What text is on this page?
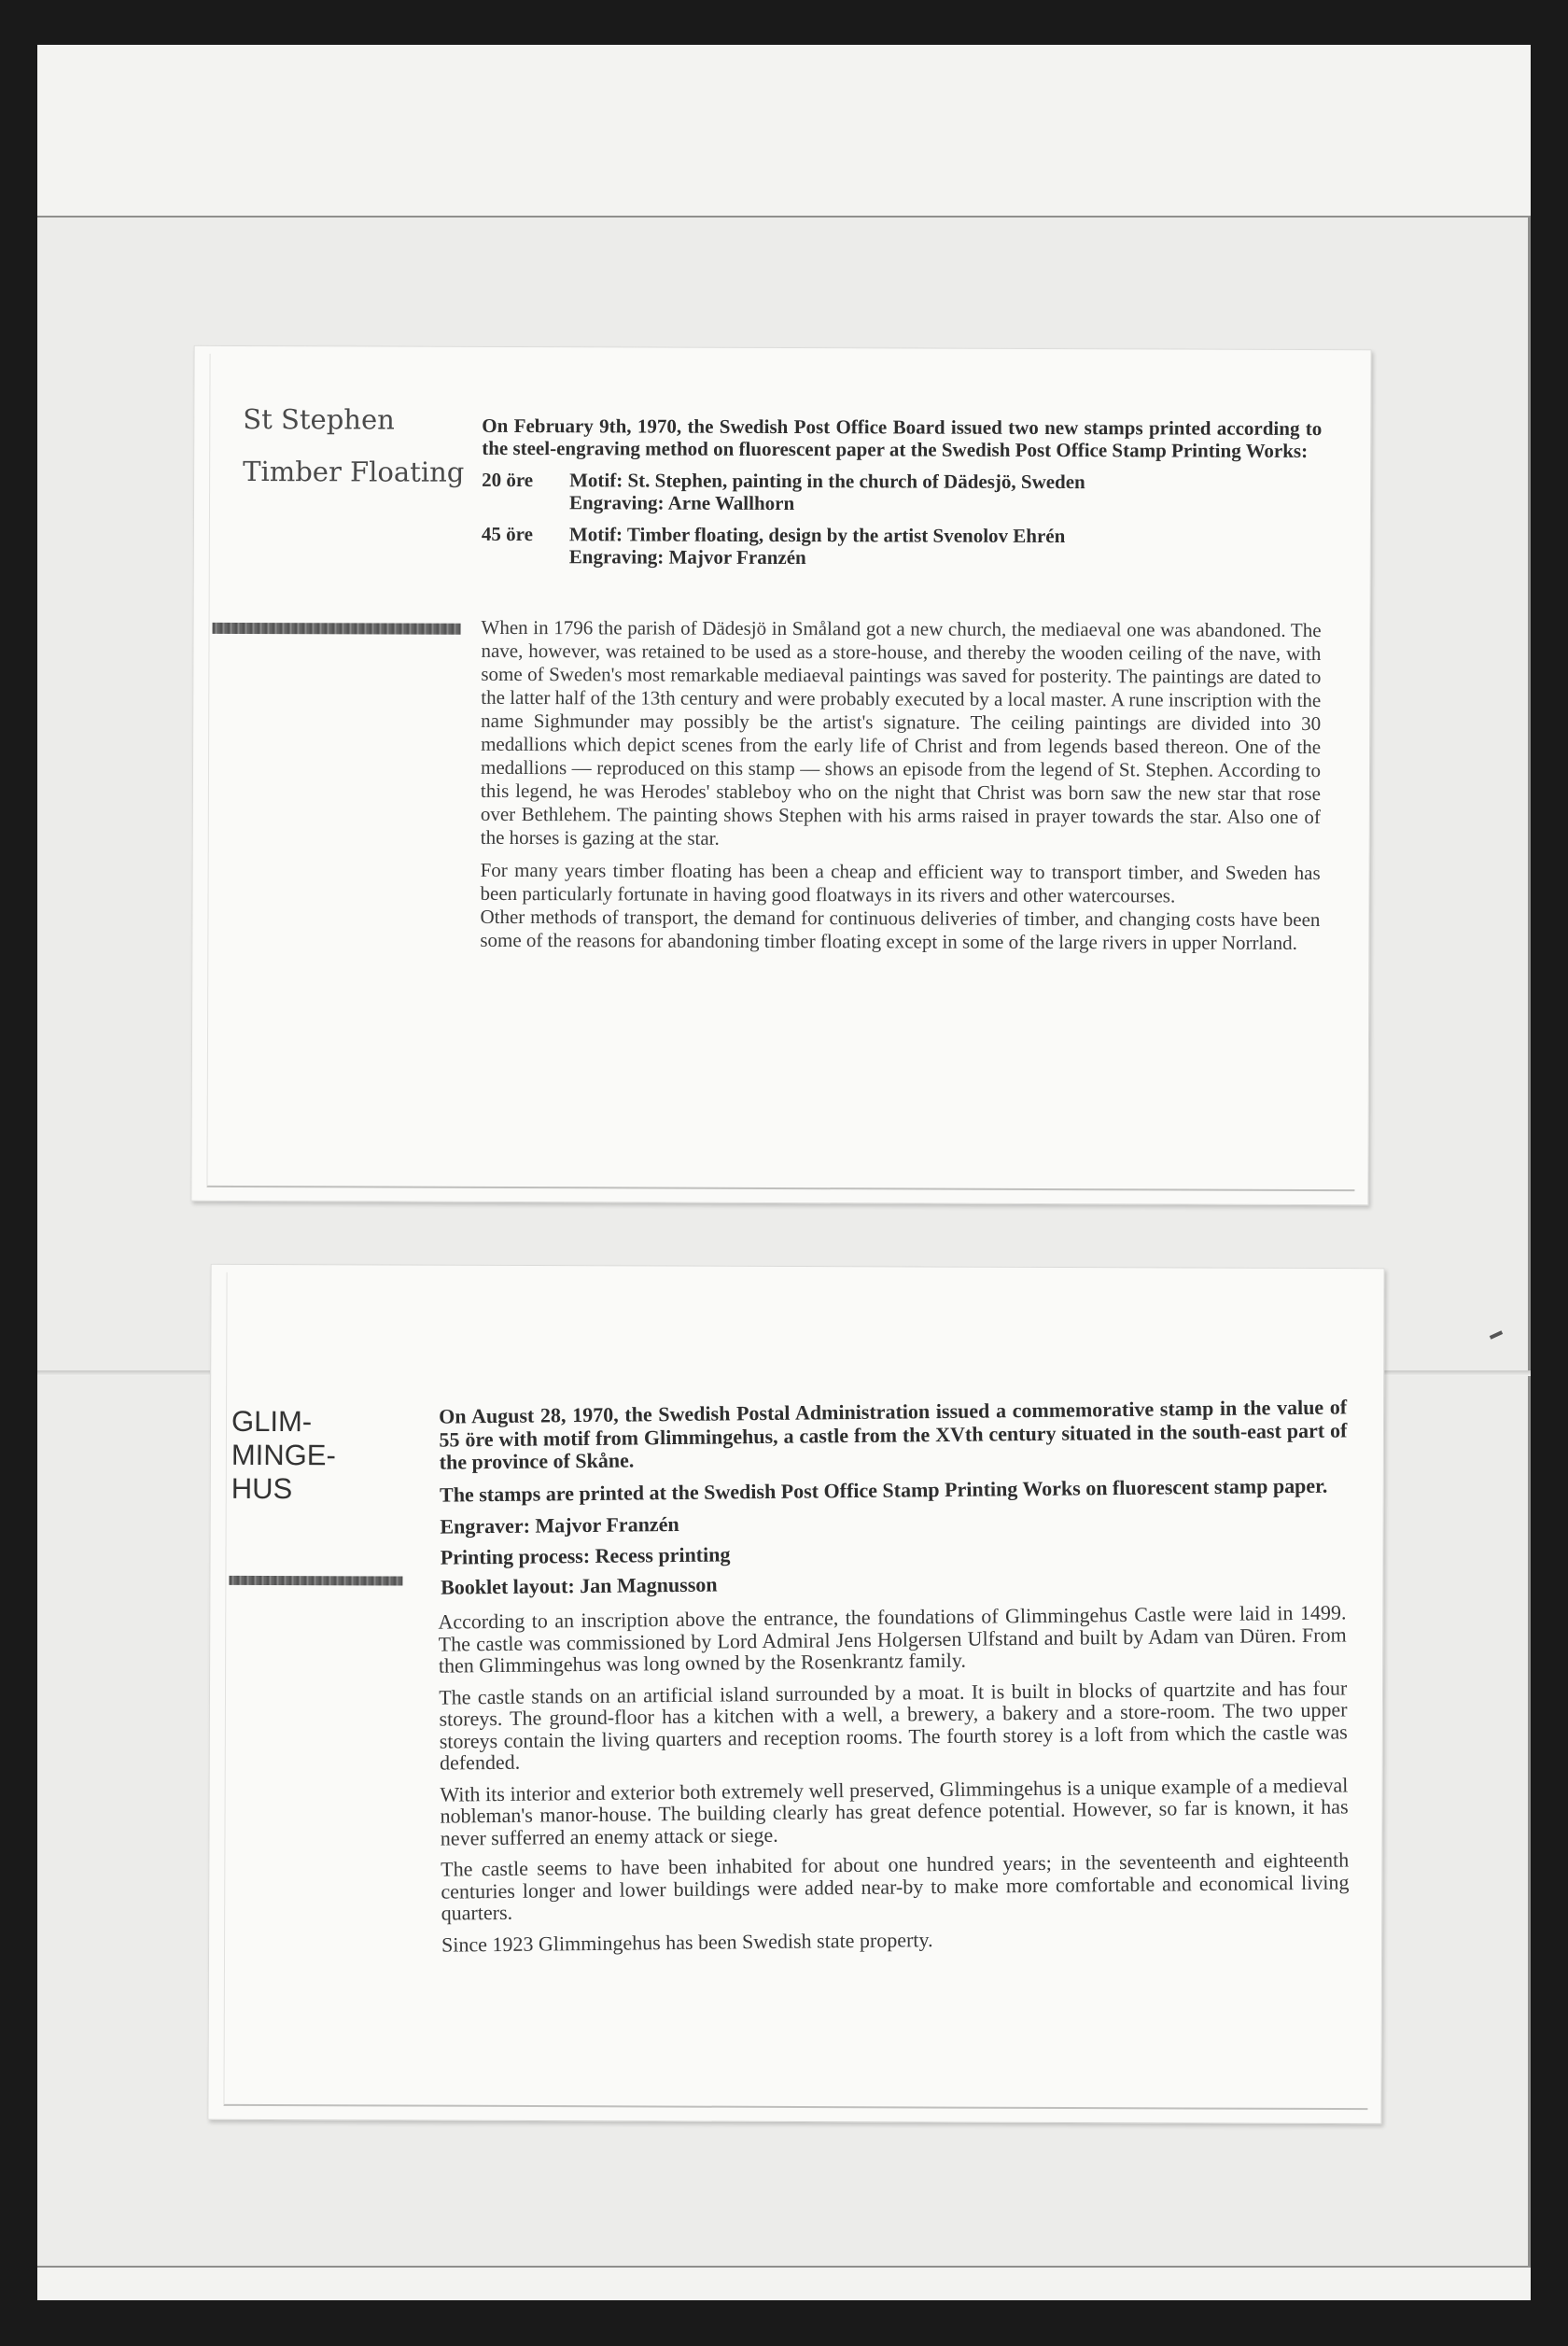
St Stephen
Timber Floating

On February 9th, 1970, the Swedish Post Office Board issued two new stamps printed according to the steel-engraving method on fluorescent paper at the Swedish Post Office Stamp Printing Works:

20 öre	Motif: St. Stephen, painting in the church of Dädesjö, Sweden
Engraving: Arne Wallhorn
45 öre	Motif: Timber floating, design by the artist Svenolov Ehrén
Engraving: Majvor Franzén

When in 1796 the parish of Dädesjö in Småland got a new church, the mediaeval one was abandoned. The nave, however, was retained to be used as a store-house, and thereby the wooden ceiling of the nave, with some of Sweden's most remarkable mediaeval paintings was saved for posterity. The paintings are dated to the latter half of the 13th century and were probably executed by a local master. A rune inscription with the name Sighmunder may possibly be the artist's signature. The ceiling paintings are divided into 30 medallions which depict scenes from the early life of Christ and from legends based thereon. One of the medallions — reproduced on this stamp — shows an episode from the legend of St. Stephen. According to this legend, he was Herodes' stableboy who on the night that Christ was born saw the new star that rose over Bethlehem. The painting shows Stephen with his arms raised in prayer towards the star. Also one of the horses is gazing at the star.

For many years timber floating has been a cheap and efficient way to transport timber, and Sweden has been particularly fortunate in having good floatways in its rivers and other watercourses.

Other methods of transport, the demand for continuous deliveries of timber, and changing costs have been some of the reasons for abandoning timber floating except in some of the large rivers in upper Norrland.

GLIM-
MINGE-
HUS

On August 28, 1970, the Swedish Postal Administration issued a commemorative stamp in the value of 55 öre with motif from Glimmingehus, a castle from the XVth century situated in the south-east part of the province of Skåne.

The stamps are printed at the Swedish Post Office Stamp Printing Works on fluorescent stamp paper.

Engraver: Majvor Franzén

Printing process: Recess printing

Booklet layout: Jan Magnusson

According to an inscription above the entrance, the foundations of Glimmingehus Castle were laid in 1499. The castle was commissioned by Lord Admiral Jens Holgersen Ulfstand and built by Adam van Düren. From then Glimmingehus was long owned by the Rosenkrantz family.

The castle stands on an artificial island surrounded by a moat. It is built in blocks of quartzite and has four storeys. The ground-floor has a kitchen with a well, a brewery, a bakery and a store-room. The two upper storeys contain the living quarters and reception rooms. The fourth storey is a loft from which the castle was defended.

With its interior and exterior both extremely well preserved, Glimmingehus is a unique example of a medieval nobleman's manor-house. The building clearly has great defence potential. However, so far is known, it has never sufferred an enemy attack or siege.

The castle seems to have been inhabited for about one hundred years; in the seventeenth and eighteenth centuries longer and lower buildings were added near-by to make more comfortable and economical living quarters.

Since 1923 Glimmingehus has been Swedish state property.
